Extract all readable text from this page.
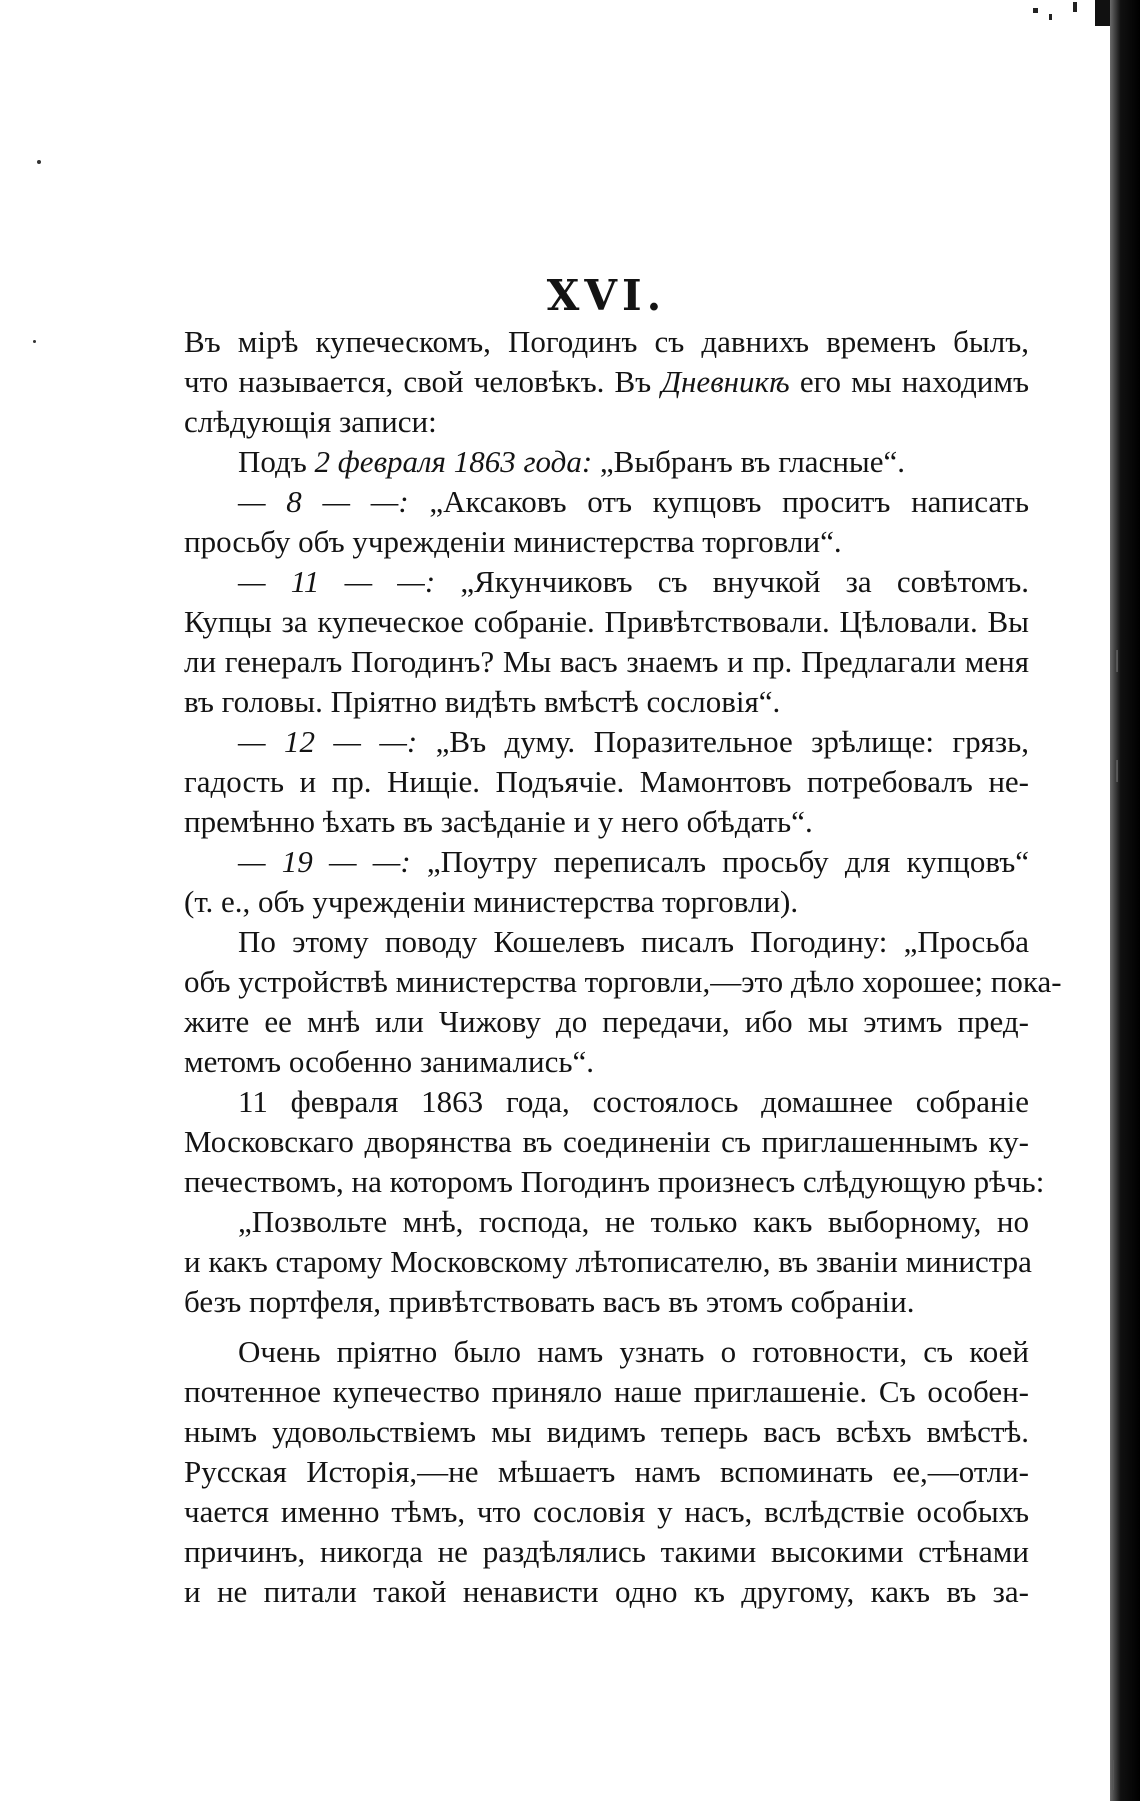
XVI.
Въ мірѣ купеческомъ, Погодинъ съ давнихъ временъ былъ,
что называется, свой человѣкъ. Въ Дневникѣ его мы находимъ
слѣдующія записи:
Подъ 2 февраля 1863 года: „Выбранъ въ гласные“.
— 8 — —: „Аксаковъ отъ купцовъ проситъ написать
просьбу объ учрежденіи министерства торговли“.
— 11 — —: „Якунчиковъ съ внучкой за совѣтомъ.
Купцы за купеческое собраніе. Привѣтствовали. Цѣловали. Вы
ли генералъ Погодинъ? Мы васъ знаемъ и пр. Предлагали меня
въ головы. Пріятно видѣть вмѣстѣ сословія“.
— 12 — —: „Въ думу. Поразительное зрѣлище: грязь,
гадость и пр. Нищіе. Подъячіе. Мамонтовъ потребовалъ не-
премѣнно ѣхать въ засѣданіе и у него обѣдать“.
— 19 — —: „Поутру переписалъ просьбу для купцовъ“
(т. е., объ учрежденіи министерства торговли).
По этому поводу Кошелевъ писалъ Погодину: „Просьба
объ устройствѣ министерства торговли,—это дѣло хорошее; пока-
жите ее мнѣ или Чижову до передачи, ибо мы этимъ пред-
метомъ особенно занимались“.
11 февраля 1863 года, состоялось домашнее собраніе
Московскаго дворянства въ соединеніи съ приглашеннымъ ку-
печествомъ, на которомъ Погодинъ произнесъ слѣдующую рѣчь:
„Позвольте мнѣ, господа, не только какъ выборному, но
и какъ старому Московскому лѣтописателю, въ званіи министра
безъ портфеля, привѣтствовать васъ въ этомъ собраніи.
Очень пріятно было намъ узнать о готовности, съ коей
почтенное купечество приняло наше приглашеніе. Съ особен-
нымъ удовольствіемъ мы видимъ теперь васъ всѣхъ вмѣстѣ.
Русская Исторія,—не мѣшаетъ намъ вспоминать ее,—отли-
чается именно тѣмъ, что сословія у насъ, вслѣдствіе особыхъ
причинъ, никогда не раздѣлялись такими высокими стѣнами
и не питали такой ненависти одно къ другому, какъ въ за-
